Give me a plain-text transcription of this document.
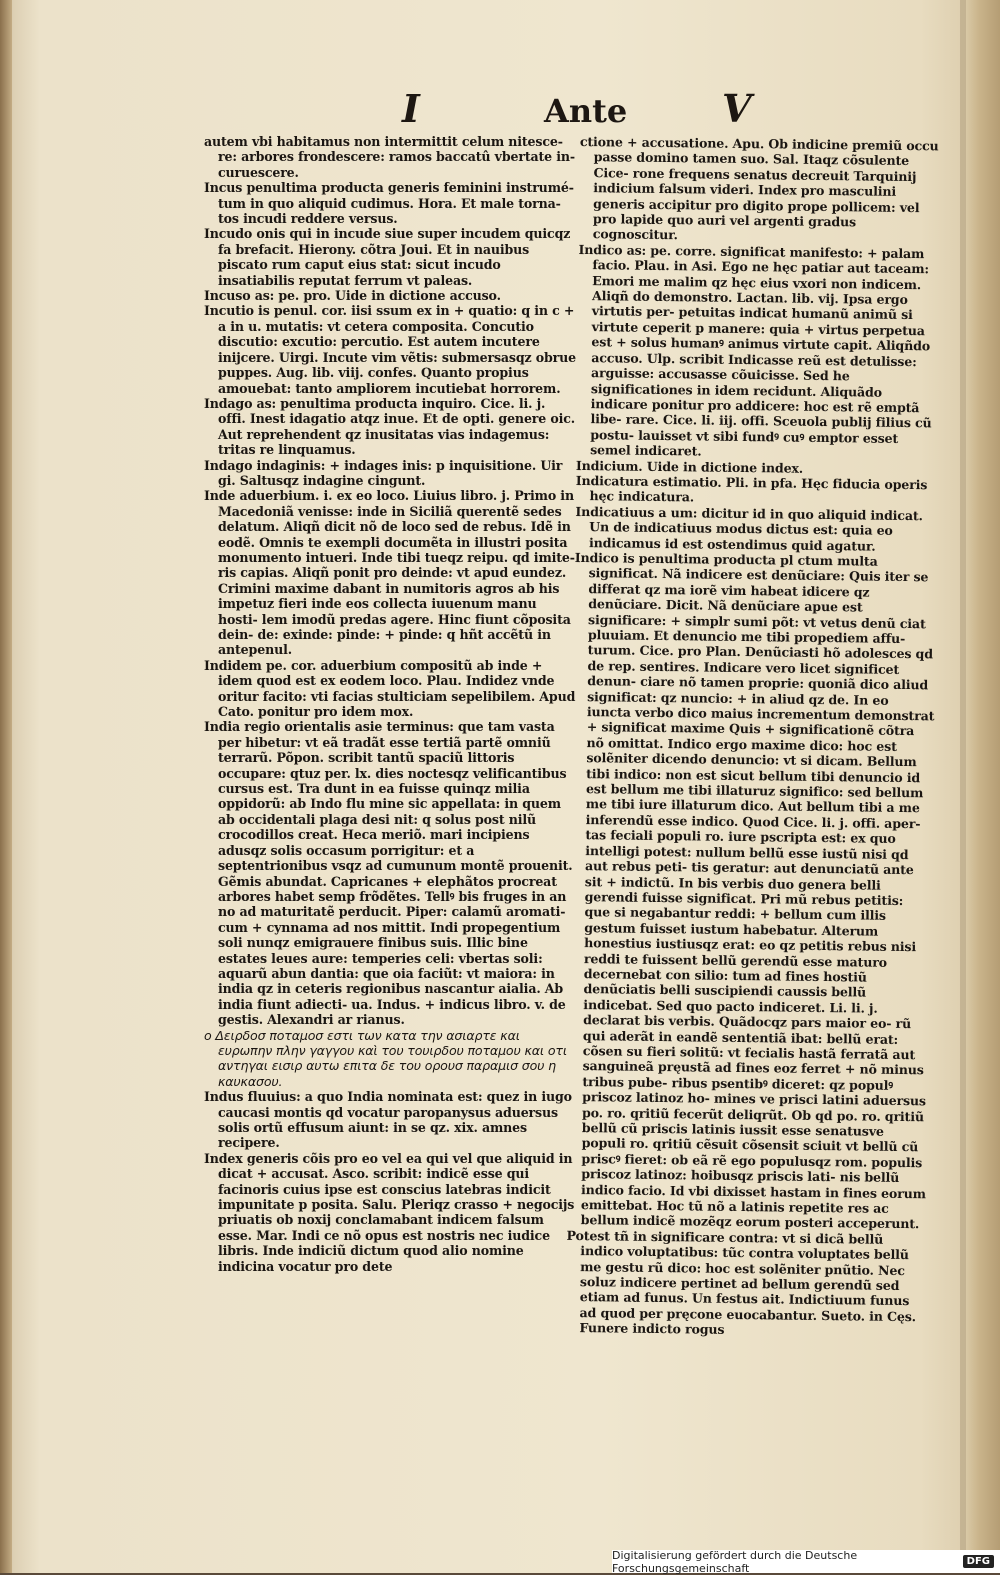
I	Ante V
autem vbi habitamus non intermittit celum nitesce- re: arbores frondescere: ramos baccatû vbertate in- curuescere.
Incus penultima producta generis feminini instrumé- tum in quo aliquid cudimus. Hora. Et male torna- tos incudi reddere versus.
Incudo onis qui in incude siue super incudem quicqz fa brefacit. Hierony. cõtra Joui. Et in nauibus piscato rum caput eius stat: sicut incudo insatiabilis reputat ferrum vt paleas.
Incuso as: pe. pro. Uide in dictione accuso.
Incutio is penul. cor. iisi ssum ex in + quatio: q in c + a in u. mutatis: vt cetera composita. Concutio discutio: excutio: percutio. Est autem incutere inijcere. Uirgi. Incute vim vẽtis: submersasqz obrue puppes. Aug. lib. viij. confes. Quanto propius amouebat: tanto ampliorem incutiebat horrorem.
Indago as: penultima producta inquiro. Cice. li. j. offi. Inest idagatio atqz inue. Et de opti. genere oic. Aut reprehendent qz inusitatas vias indagemus: tritas re linquamus.
Indago indaginis: + indages inis: p inquisitione. Uir gi. Saltusqz indagine cingunt.
Inde aduerbium. i. ex eo loco. Liuius libro. j. Primo in Macedoniã venisse: inde in Siciliã querentẽ sedes delatum. Aliqñ dicit nõ de loco sed de rebus. Idẽ in eodẽ. Omnis te exempli documẽta in illustri posita monumento intueri. Inde tibi tueqz reipu. qd imite- ris capias. Aliqñ ponit pro deinde: vt apud eundez. Crimini maxime dabant in numitoris agros ab his impetuz fieri inde eos collecta iuuenum manu hosti- lem imodũ predas agere. Hinc fiunt cõposita dein- de: exinde: pinde: + pinde: q hñt accẽtũ in antepenul.
Indidem pe. cor. aduerbium compositũ ab inde + idem quod est ex eodem loco. Plau. Indidez vnde oritur facito: vti facias stulticiam sepelibilem. Apud Cato. ponitur pro idem mox.
India regio orientalis asie terminus: que tam vasta per hibetur: vt eã tradãt esse tertiã partẽ omniũ terrarũ. Põpon. scribit tantũ spaciũ littoris occupare: qtuz per. lx. dies noctesqz velificantibus cursus est. Tra dunt in ea fuisse quinqz milia oppidorũ: ab Indo flu mine sic appellata: in quem ab occidentali plaga desi nit: q solus post nilũ crocodillos creat. Heca meriõ. mari incipiens adusqz solis occasum porrigitur: et a septentrionibus vsqz ad cumunum montẽ prouenit. Gẽmis abundat. Capricanes + elephãtos procreat arbores habet semp frõdẽtes. Tellꝰ bis fruges in an no ad maturitatẽ perducit. Piper: calamũ aromati- cum + cynnama ad nos mittit. Indi propegentium soli nunqz emigrauere finibus suis. Illic bine estates leues aure: temperies celi: vbertas soli: aquarũ abun dantia: que oia faciũt: vt maiora: in india qz in ceteris regionibus nascantur aialia. Ab india fiunt adiecti- ua. Indus. + indicus libro. v. de gestis. Alexandri ar rianus.
ο Δειρδοσ ποταμοσ εστι των κατα την ασιαρτε και ευρωπην πλην γαγγου καὶ του τουιρδου ποταμου και οτι αντηγαι εισιρ αυτω επιτα δε του ορουσ παραμισ σου η καυκασου.
Indus fluuius: a quo India nominata est: quez in iugo caucasi montis qd vocatur paropanysus aduersus solis ortũ effusum aiunt: in se qz. xix. amnes recipere.
Index generis cõis pro eo vel ea qui vel que aliquid in dicat + accusat. Asco. scribit: indicẽ esse qui facinoris cuius ipse est conscius latebras indicit impunitate p posita. Salu. Pleriqz crasso + negocijs priuatis ob noxij conclamabant indicem falsum esse. Mar. Indi ce nõ opus est nostris nec iudice libris. Inde indiciũ dictum quod alio nomine indicina vocatur pro dete
ctione + accusatione. Apu. Ob indicine premiũ occu passe domino tamen suo. Sal. Itaqz cõsulente Cice- rone frequens senatus decreuit Tarquinij indicium falsum videri. Index pro masculini generis accipitur pro digito prope pollicem: vel pro lapide quo auri vel argenti gradus cognoscitur.
Indico as: pe. corre. significat manifesto: + palam facio. Plau. in Asi. Ego ne hęc patiar aut taceam: Emori me malim qz hęc eius vxori non indicem. Aliqñ do demonstro. Lactan. lib. vij. Ipsa ergo virtutis per- petuitas indicat humanũ animũ si virtute ceperit p manere: quia + virtus perpetua est + solus humanꝰ animus virtute capit. Aliqñdo accuso. Ulp. scribit Indicasse reũ est detulisse: arguisse: accusasse cõuicisse. Sed he significationes in idem recidunt. Aliquãdo indicare ponitur pro addicere: hoc est rẽ emptã libe- rare. Cice. li. iij. offi. Sceuola publij filius cũ postu- lauisset vt sibi fundꝰ cuꝰ emptor esset semel indicaret.
Indicium. Uide in dictione index.
Indicatura estimatio. Pli. in pfa. Hęc fiducia operis hęc indicatura.
Indicatiuus a um: dicitur id in quo aliquid indicat. Un de indicatiuus modus dictus est: quia eo indicamus id est ostendimus quid agatur.
Indico is penultima producta pl ctum multa significat. Nã indicere est denũciare: Quis iter se differat qz ma iorẽ vim habeat idicere qz denũciare. Dicit. Nã denũciare apue est significare: + simplr sumi põt: vt vetus denũ ciat pluuiam. Et denuncio me tibi propediem affu- turum. Cice. pro Plan. Denũciasti hõ adolesces qd de rep. sentires. Indicare vero licet significet denun- ciare nõ tamen proprie: quoniã dico aliud significat: qz nuncio: + in aliud qz de. In eo iuncta verbo dico maius incrementum demonstrat + significat maxime Quis + significationẽ cõtra nõ omittat. Indico ergo maxime dico: hoc est solẽniter dicendo denuncio: vt si dicam. Bellum tibi indico: non est sicut bellum tibi denuncio id est bellum me tibi illaturuz significo: sed bellum me tibi iure illaturum dico. Aut bellum tibi a me inferendũ esse indico. Quod Cice. li. j. offi. aper- tas feciali populi ro. iure pscripta est: ex quo intelligi potest: nullum bellũ esse iustũ nisi qd aut rebus peti- tis geratur: aut denunciatũ ante sit + indictũ. In bis verbis duo genera belli gerendi fuisse significat. Pri mũ rebus petitis: que si negabantur reddi: + bellum cum illis gestum fuisset iustum habebatur. Alterum honestius iustiusqz erat: eo qz petitis rebus nisi reddi te fuissent bellũ gerendũ esse maturo decernebat con silio: tum ad fines hostiũ denũciatis belli suscipiendi caussis bellũ indicebat. Sed quo pacto indiceret. Li. li. j. declarat bis verbis. Quãdocqz pars maior eo- rũ qui aderãt in eandẽ sententiã ibat: bellũ erat: cõsen su fieri solitũ: vt fecialis hastã ferratã aut sanguineã pręustã ad fines eoz ferret + nõ minus tribus pube- ribus psentibꝰ diceret: qz populꝰ priscoz latinoz ho- mines ve prisci latini aduersus po. ro. qritiũ fecerũt deliqrũt. Ob qd po. ro. qritiũ bellũ cũ priscis latinis iussit esse senatusve populi ro. qritiũ cẽsuit cõsensit sciuit vt bellũ cũ priscꝰ fieret: ob eã rẽ ego populusqz rom. populis priscoz latinoz: hoibusqz priscis lati- nis bellũ indico facio. Id vbi dixisset hastam in fines eorum emittebat. Hoc tũ nõ a latinis repetite res ac bellum indicẽ mozẽqz eorum posteri acceperunt.
Potest tñ in significare contra: vt si dicã bellũ indico voluptatibus: tũc contra voluptates bellũ me gestu rũ dico: hoc est solẽniter pnũtio. Nec soluz indicere pertinet ad bellum gerendũ sed etiam ad funus. Un festus ait. Indictiuum funus ad quod per pręcone euocabantur. Sueto. in Cęs. Funere indicto rogus
Digitalisierung gefördert durch die Deutsche Forschungsgemeinschaft	DFG
